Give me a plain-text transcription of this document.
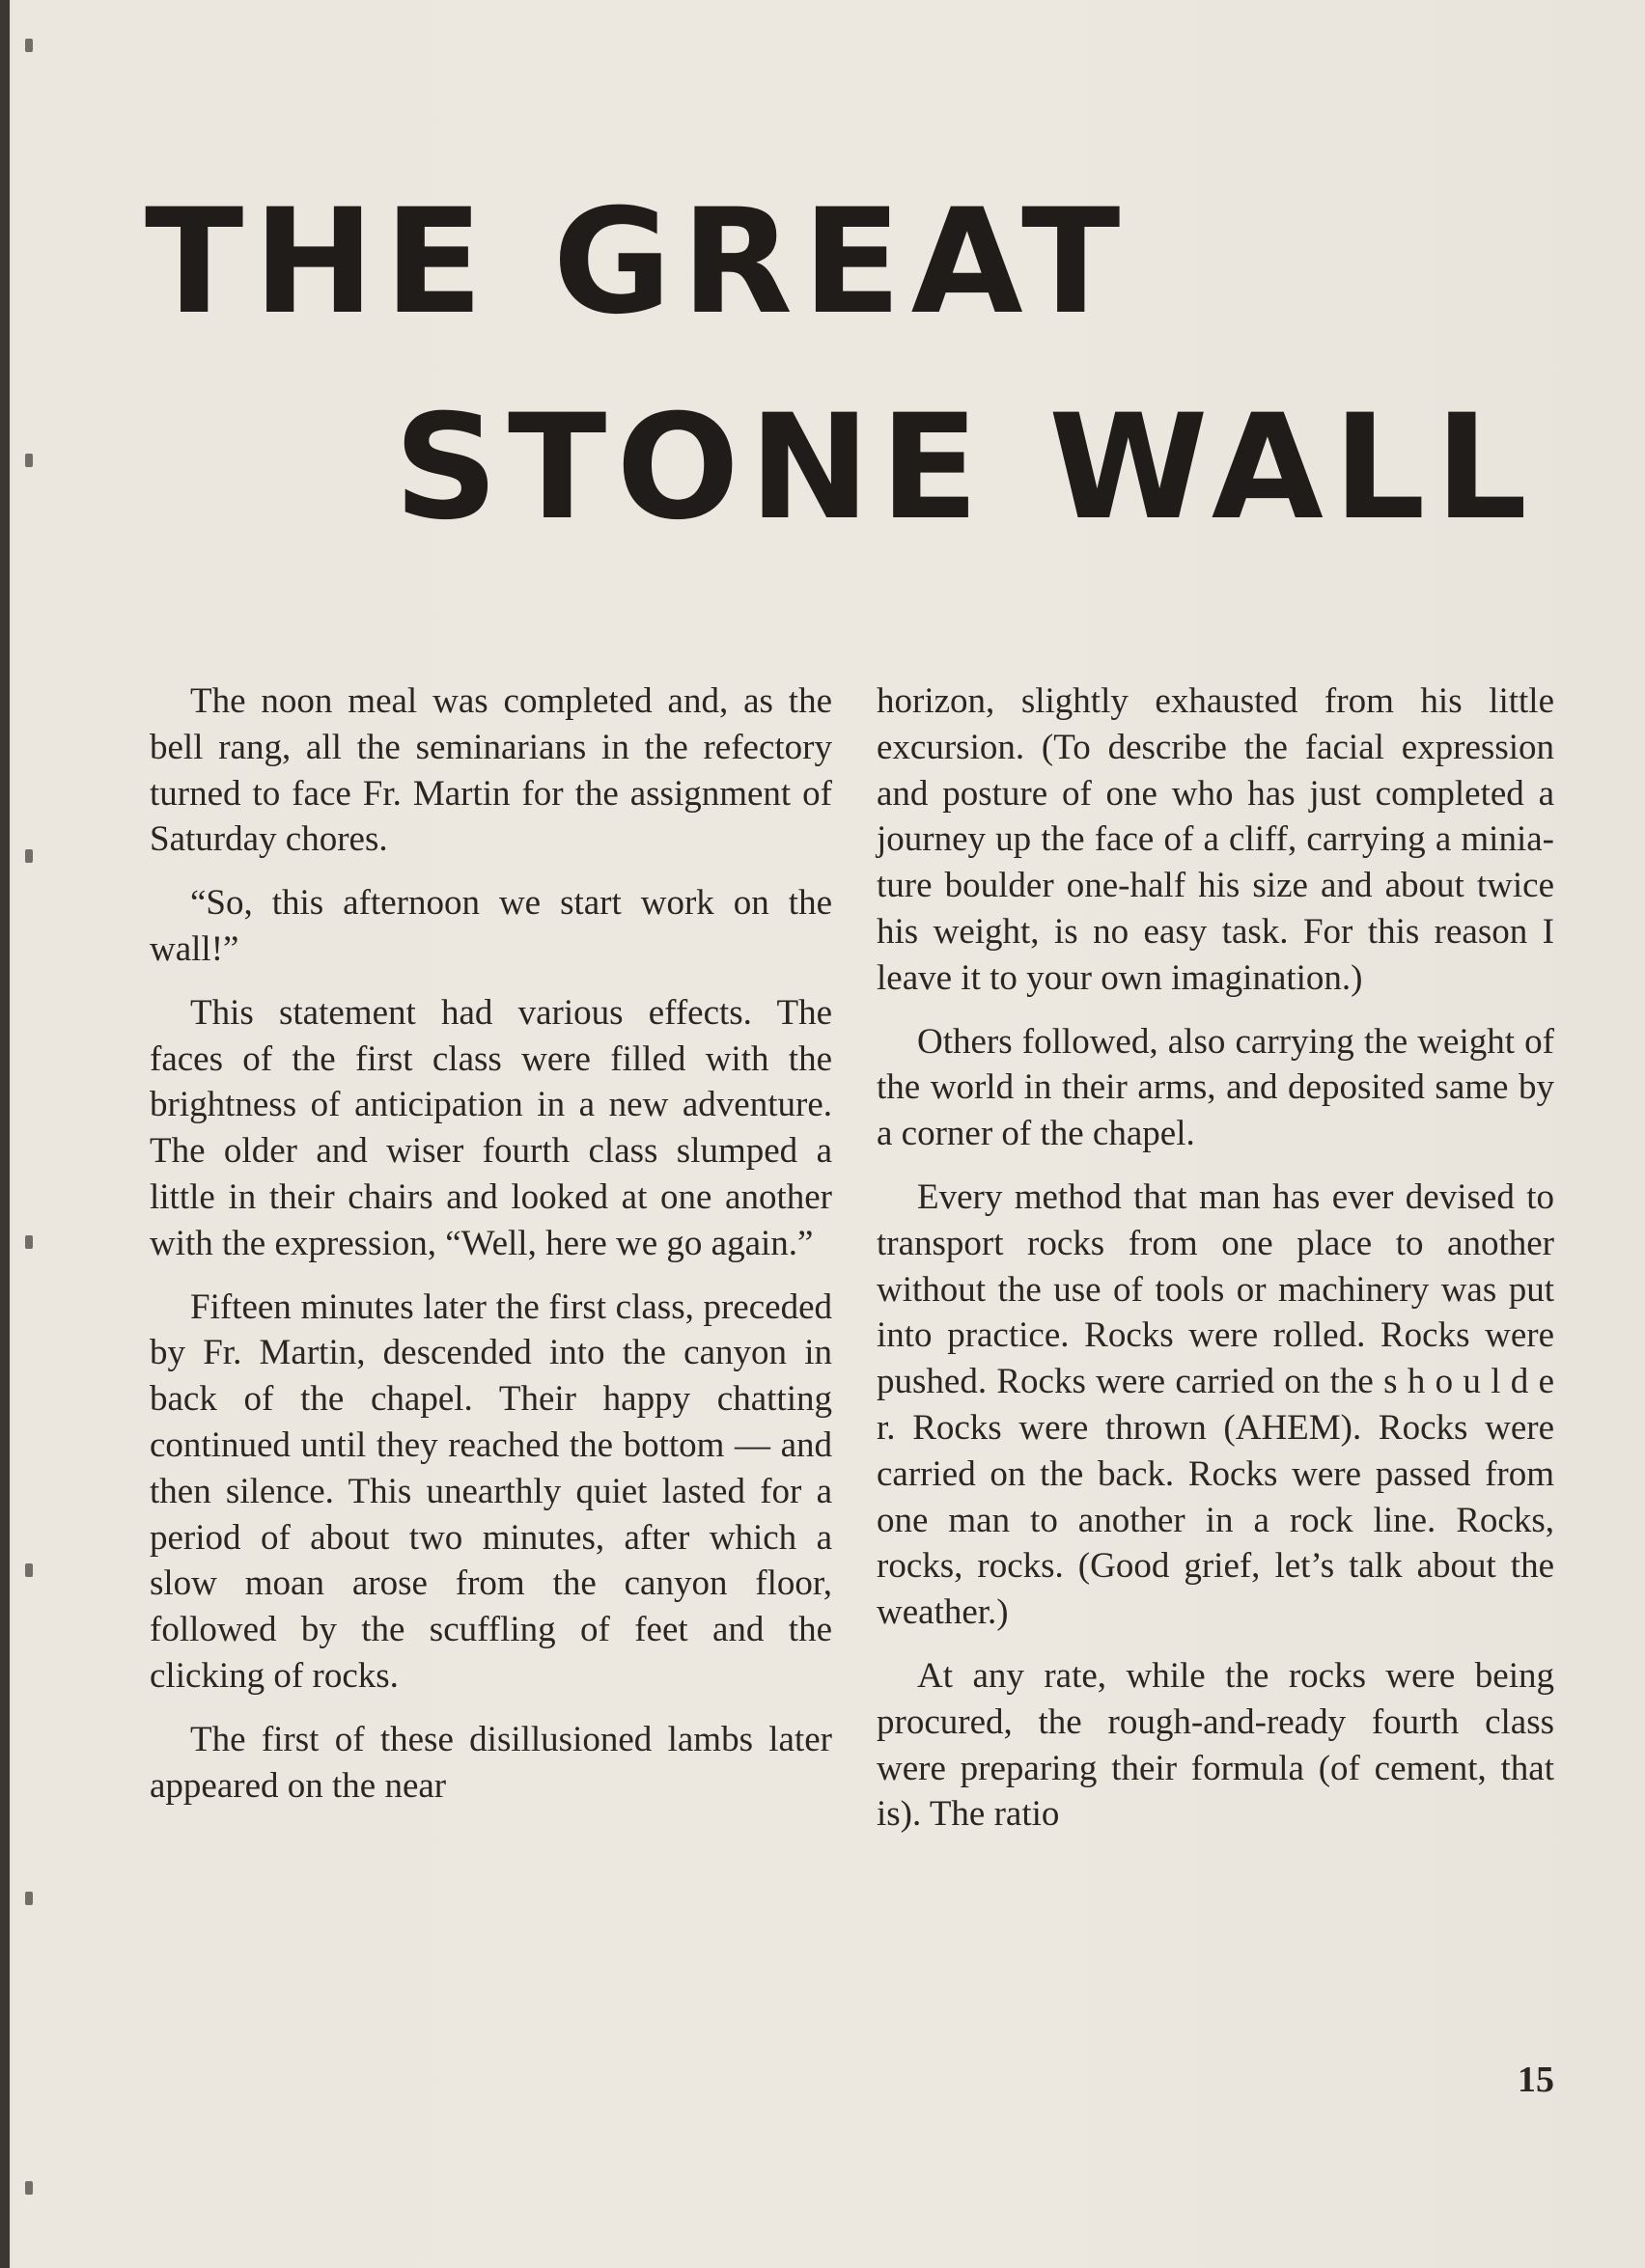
THE GREAT
STONE WALL

The noon meal was completed and, as the bell rang, all the seminarians in the refectory turned to face Fr. Martin for the assignment of Saturday chores.

“So, this afternoon we start work on the wall!”

This statement had various effects. The faces of the first class were filled with the brightness of anticipation in a new adventure. The older and wiser fourth class slumped a little in their chairs and looked at one another with the expression, “Well, here we go again.”

Fifteen minutes later the first class, preceded by Fr. Martin, descended into the canyon in back of the chapel. Their happy chatting continued until they reached the bottom — and then silence. This unearthly quiet lasted for a period of about two minutes, after which a slow moan arose from the canyon floor, followed by the scuffling of feet and the clicking of rocks.

The first of these disillusioned lambs later appeared on the near

horizon, slightly exhausted from his little excursion. (To describe the facial expression and posture of one who has just completed a journey up the face of a cliff, carrying a miniature boulder one-half his size and about twice his weight, is no easy task. For this reason I leave it to your own imagination.)

Others followed, also carrying the weight of the world in their arms, and deposited same by a corner of the chapel.

Every method that man has ever devised to transport rocks from one place to another without the use of tools or machinery was put into practice. Rocks were rolled. Rocks were pushed. Rocks were carried on the s h o u l d e r. Rocks were thrown (AHEM). Rocks were carried on the back. Rocks were passed from one man to another in a rock line. Rocks, rocks, rocks. (Good grief, let’s talk about the weather.)

At any rate, while the rocks were being procured, the rough-and-ready fourth class were preparing their formula (of cement, that is). The ratio

15
